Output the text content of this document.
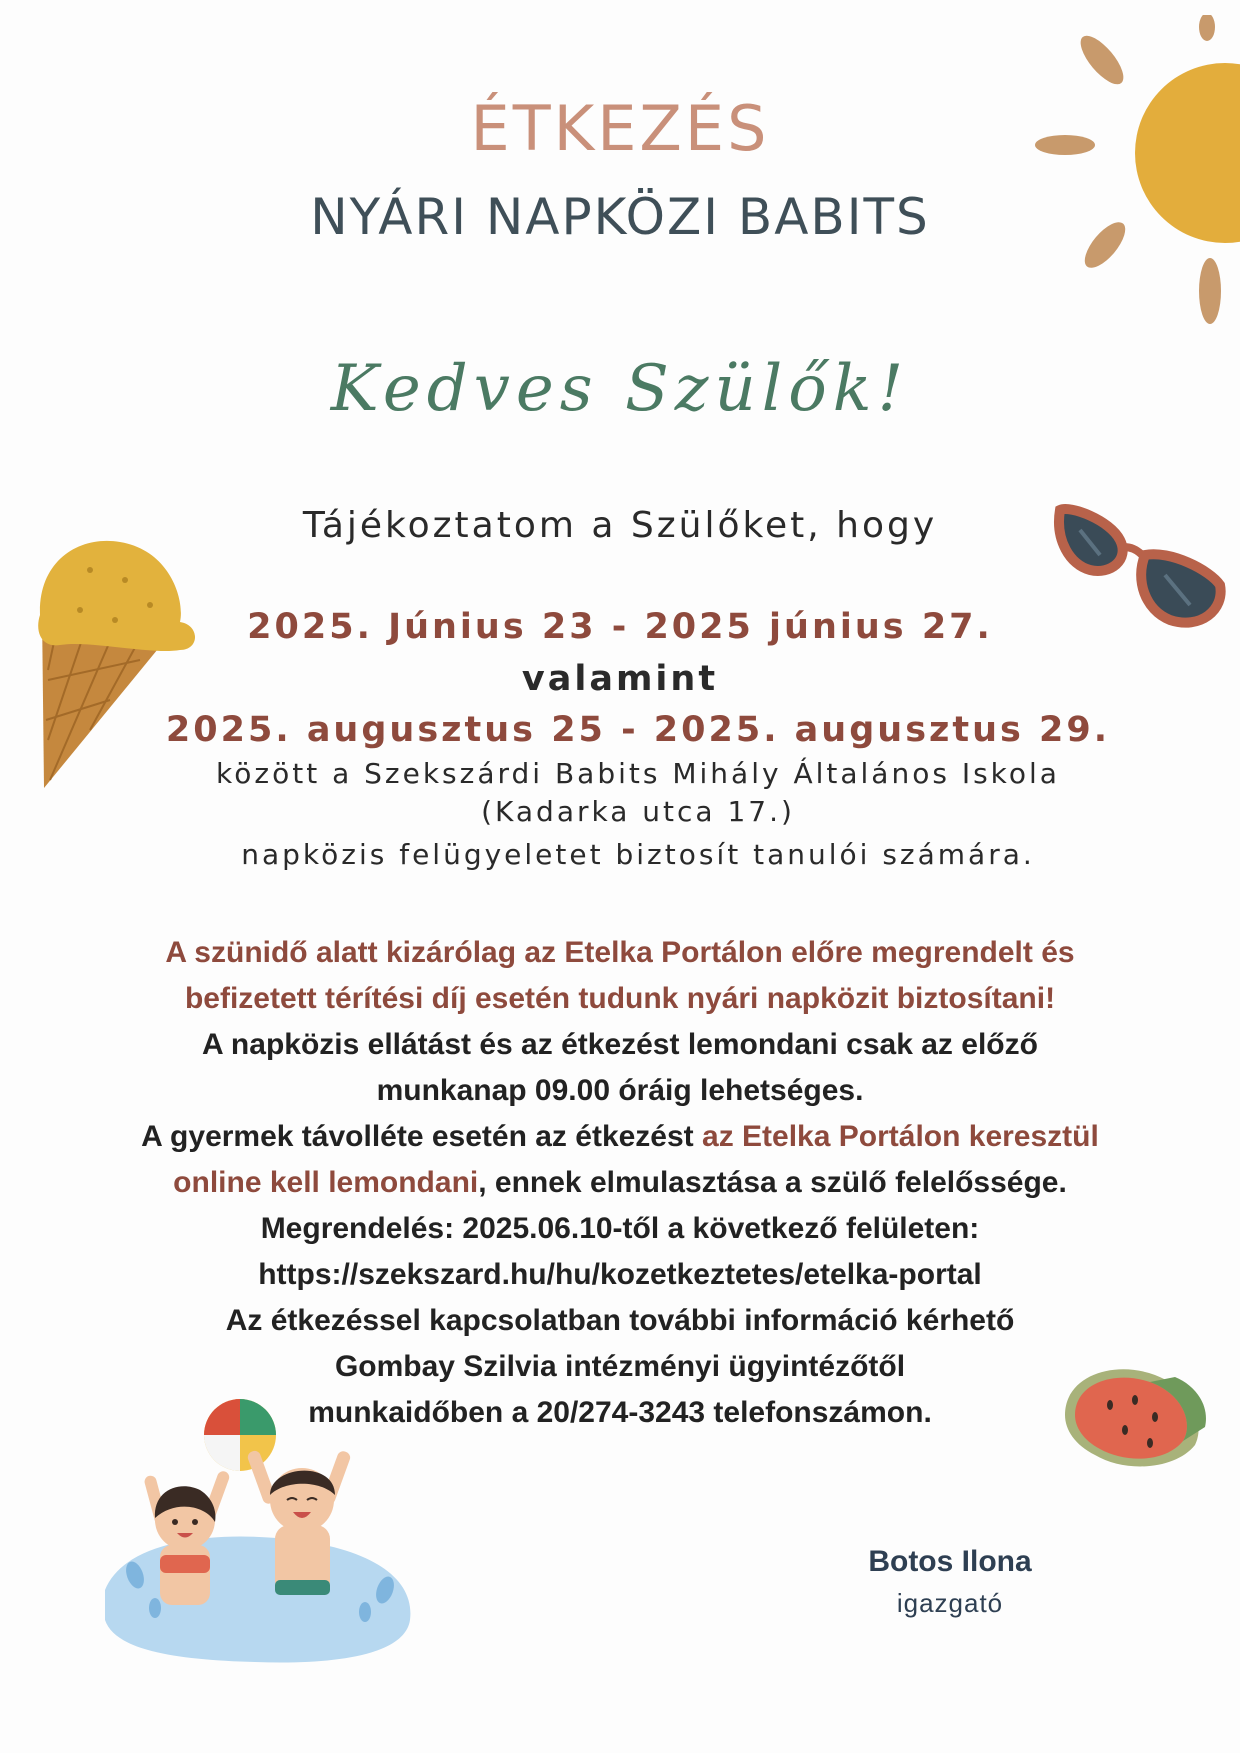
ÉTKEZÉS
NYÁRI NAPKÖZI BABITS
Kedves Szülők!
Tájékoztatom a Szülőket, hogy
2025. Június 23 - 2025 június 27.
valamint
2025. augusztus 25 - 2025. augusztus 29.
között a Szekszárdi Babits Mihály Általános Iskola
(Kadarka utca 17.)
napközis felügyeletet biztosít tanulói számára.
A szünidő alatt kizárólag az Etelka Portálon előre megrendelt és
befizetett térítési díj esetén tudunk nyári napközit biztosítani!
A napközis ellátást és az étkezést lemondani csak az előző
munkanap 09.00 óráig lehetséges.
A gyermek távolléte esetén az étkezést az Etelka Portálon keresztül
online kell lemondani, ennek elmulasztása a szülő felelőssége.
Megrendelés: 2025.06.10-től a következő felületen:
https://szekszard.hu/hu/kozetkeztetes/etelka-portal
Az étkezéssel kapcsolatban további információ kérhető
Gombay Szilvia intézményi ügyintézőtől
munkaidőben a 20/274-3243 telefonszámon.
Botos Ilona
igazgató
